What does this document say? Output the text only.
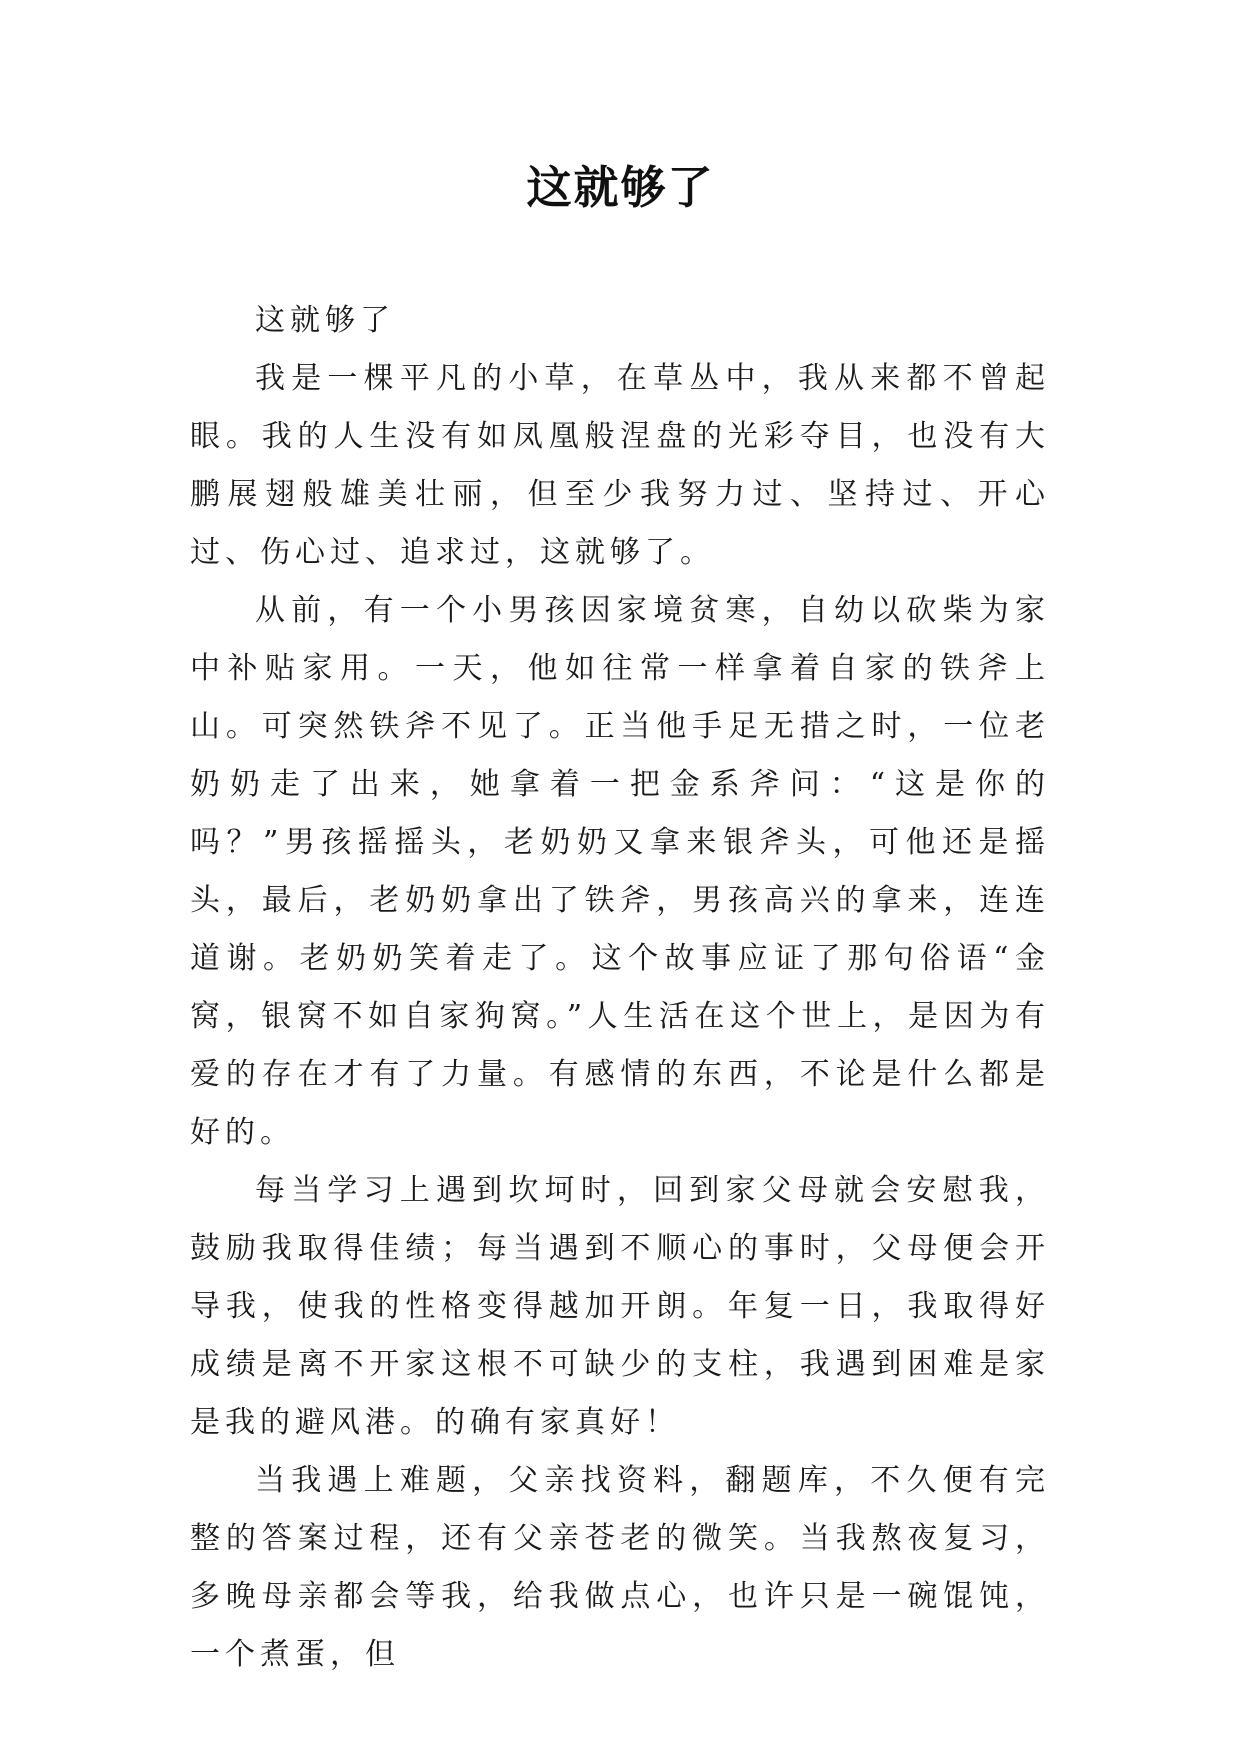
这就够了

这就够了

我是一棵平凡的小草，在草丛中，我从来都不曾起眼。我的人生没有如凤凰般涅盘的光彩夺目，也没有大鹏展翅般雄美壮丽，但至少我努力过、坚持过、开心过、伤心过、追求过，这就够了。

从前，有一个小男孩因家境贫寒，自幼以砍柴为家中补贴家用。一天，他如往常一样拿着自家的铁斧上山。可突然铁斧不见了。正当他手足无措之时，一位老奶奶走了出来，她拿着一把金系斧问：“这是你的吗？”男孩摇摇头，老奶奶又拿来银斧头，可他还是摇头，最后，老奶奶拿出了铁斧，男孩高兴的拿来，连连道谢。老奶奶笑着走了。这个故事应证了那句俗语“金窝，银窝不如自家狗窝。”人生活在这个世上，是因为有爱的存在才有了力量。有感情的东西，不论是什么都是好的。

每当学习上遇到坎坷时，回到家父母就会安慰我，鼓励我取得佳绩；每当遇到不顺心的事时，父母便会开导我，使我的性格变得越加开朗。年复一日，我取得好成绩是离不开家这根不可缺少的支柱，我遇到困难是家是我的避风港。的确有家真好！

当我遇上难题，父亲找资料，翻题库，不久便有完整的答案过程，还有父亲苍老的微笑。当我熬夜复习，多晚母亲都会等我，给我做点心，也许只是一碗馄饨，一个煮蛋，但
